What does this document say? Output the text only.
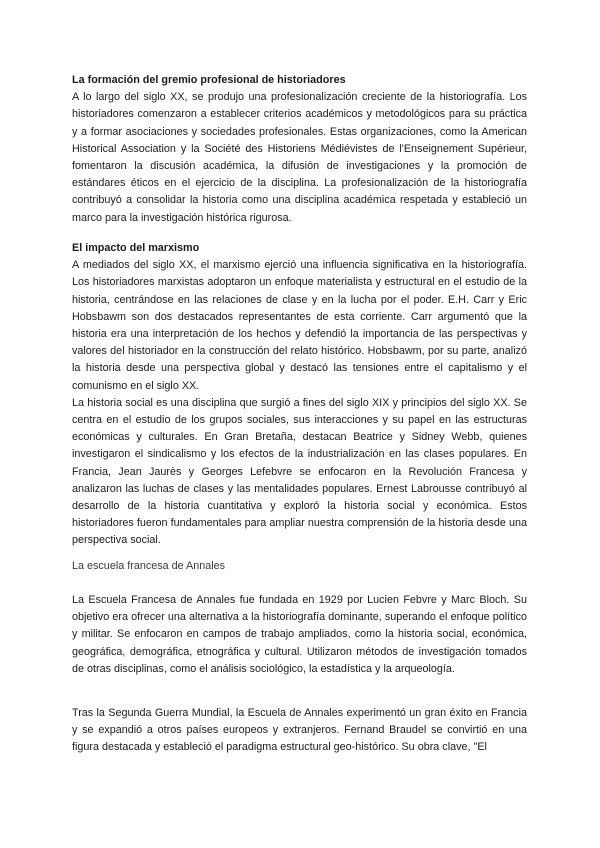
La formación del gremio profesional de historiadores

A lo largo del siglo XX, se produjo una profesionalización creciente de la historiografía. Los historiadores comenzaron a establecer criterios académicos y metodológicos para su práctica y a formar asociaciones y sociedades profesionales. Estas organizaciones, como la American Historical Association y la Société des Historiens Médiévistes de l'Enseignement Supérieur, fomentaron la discusión académica, la difusión de investigaciones y la promoción de estándares éticos en el ejercicio de la disciplina. La profesionalización de la historiografía contribuyó a consolidar la historia como una disciplina académica respetada y estableció un marco para la investigación histórica rigurosa.

El impacto del marxismo

A mediados del siglo XX, el marxismo ejerció una influencia significativa en la historiografía. Los historiadores marxistas adoptaron un enfoque materialista y estructural en el estudio de la historia, centrándose en las relaciones de clase y en la lucha por el poder. E.H. Carr y Eric Hobsbawm son dos destacados representantes de esta corriente. Carr argumentó que la historia era una interpretación de los hechos y defendió la importancia de las perspectivas y valores del historiador en la construcción del relato histórico. Hobsbawm, por su parte, analizó la historia desde una perspectiva global y destacó las tensiones entre el capitalismo y el comunismo en el siglo XX.

La historia social es una disciplina que surgió a fines del siglo XIX y principios del siglo XX. Se centra en el estudio de los grupos sociales, sus interacciones y su papel en las estructuras económicas y culturales. En Gran Bretaña, destacan Beatrice y Sidney Webb, quienes investigaron el sindicalismo y los efectos de la industrialización en las clases populares. En Francia, Jean Jaurès y Georges Lefebvre se enfocaron en la Revolución Francesa y analizaron las luchas de clases y las mentalidades populares. Ernest Labrousse contribuyó al desarrollo de la historia cuantitativa y exploró la historia social y económica. Estos historiadores fueron fundamentales para ampliar nuestra comprensión de la historia desde una perspectiva social.

La escuela francesa de Annales

La Escuela Francesa de Annales fue fundada en 1929 por Lucien Febvre y Marc Bloch. Su objetivo era ofrecer una alternativa a la historiografía dominante, superando el enfoque político y militar. Se enfocaron en campos de trabajo ampliados, como la historia social, económica, geográfica, demográfica, etnográfica y cultural. Utilizaron métodos de investigación tomados de otras disciplinas, como el análisis sociológico, la estadística y la arqueología.

Tras la Segunda Guerra Mundial, la Escuela de Annales experimentó un gran éxito en Francia y se expandió a otros países europeos y extranjeros. Fernand Braudel se convirtió en una figura destacada y estableció el paradigma estructural geo-histórico. Su obra clave, "El
